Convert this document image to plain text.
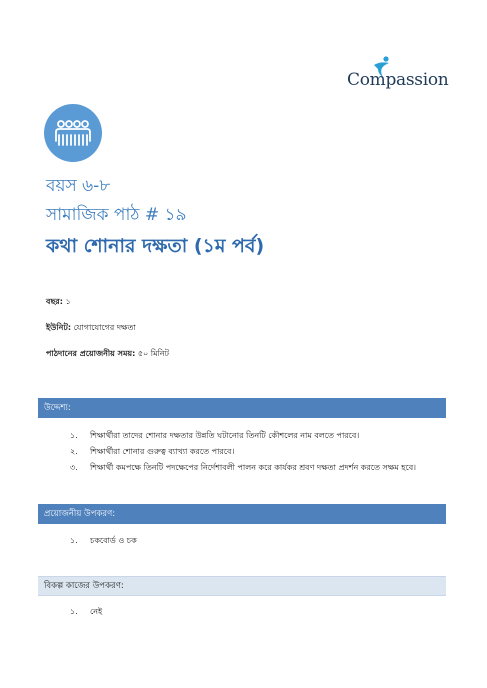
Compassion
বয়স ৬-৮
সামাজিক পাঠ # ১৯
কথা শোনার দক্ষতা (১ম পর্ব)
বছর: ১
ইউনিট: যোগাযোগের দক্ষতা
পাঠদানের প্রয়োজনীয় সময়: ৫০ মিনিট
উদ্দেশ্য:
১.	শিক্ষার্থীরা তাদের শোনার দক্ষতার উন্নতি ঘটানোর তিনটি কৌশলের নাম বলতে পারবে।
২.	শিক্ষার্থীরা শোনার গুরুত্ব ব্যাখ্যা করতে পারবে।
৩.	শিক্ষার্থী কমপক্ষে তিনটি পদক্ষেপের নির্দেশাবলী পালন করে কার্যকর শ্রবণ দক্ষতা প্রদর্শন করতে সক্ষম হবে।
প্রয়োজনীয় উপকরণ:
১.	চকবোর্ড ও চক
বিকল্প কাজের উপকরণ:
১.	নেই
